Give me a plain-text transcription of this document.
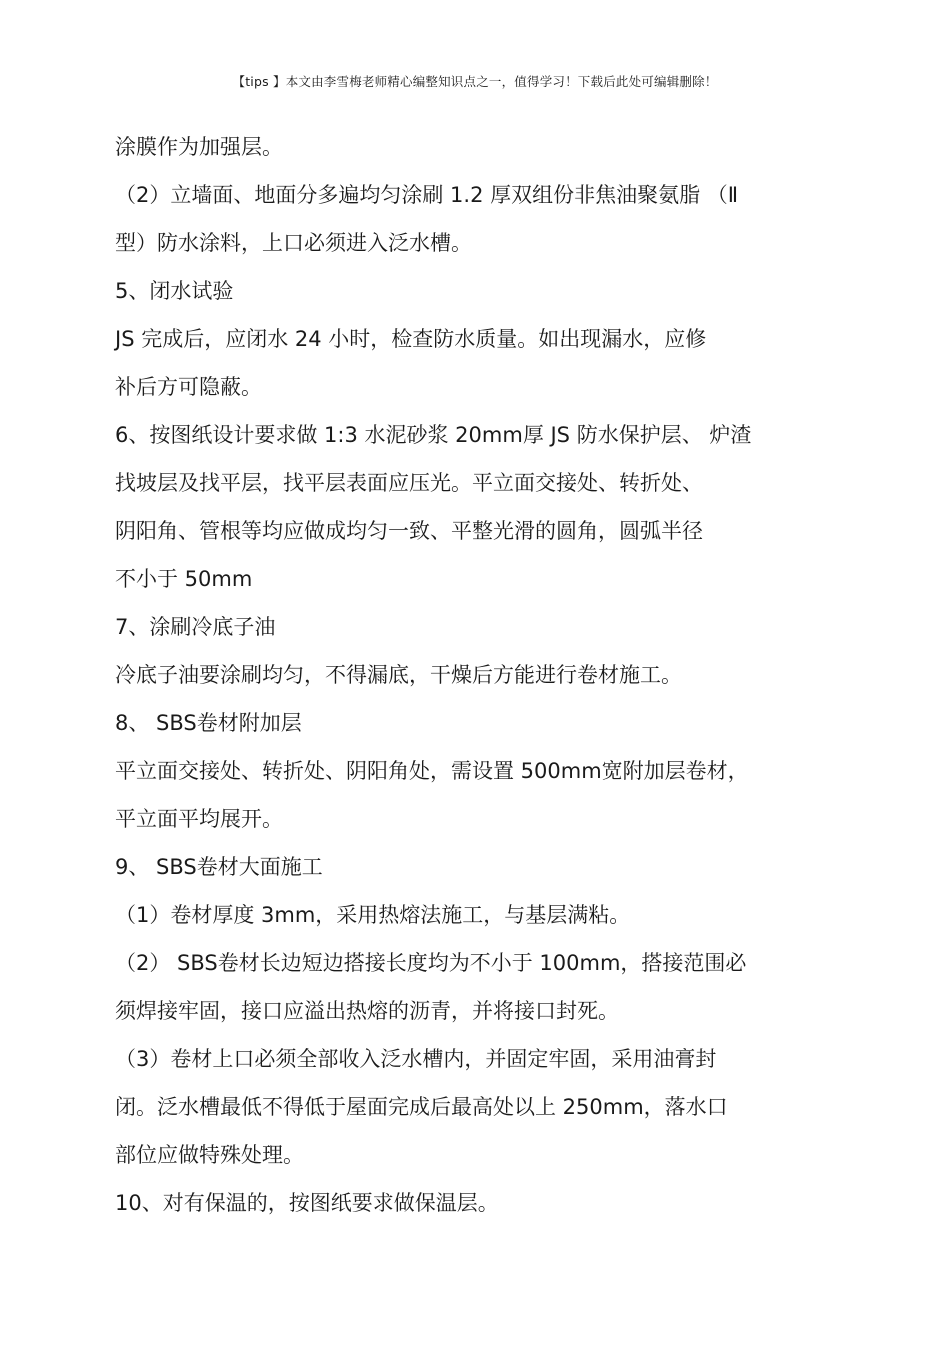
【tips 】本文由李雪梅老师精心编整知识点之一，值得学习！下载后此处可编辑删除！
涂膜作为加强层。
（2）立墙面、地面分多遍均匀涂刷 1.2 厚双组份非焦油聚氨脂 （Ⅱ
型）防水涂料，上口必须进入泛水槽。
5、闭水试验
JS 完成后，应闭水 24 小时，检查防水质量。如出现漏水，应修
补后方可隐蔽。
6、按图纸设计要求做 1:3 水泥砂浆 20mm厚 JS 防水保护层、 炉渣
找坡层及找平层，找平层表面应压光。平立面交接处、转折处、
阴阳角、管根等均应做成均匀一致、平整光滑的圆角，圆弧半径
不小于 50mm
7、涂刷冷底子油
冷底子油要涂刷均匀，不得漏底，干燥后方能进行卷材施工。
8、 SBS卷材附加层
平立面交接处、转折处、阴阳角处，需设置 500mm宽附加层卷材，
平立面平均展开。
9、 SBS卷材大面施工
（1）卷材厚度 3mm，采用热熔法施工，与基层满粘。
（2） SBS卷材长边短边搭接长度均为不小于 100mm，搭接范围必
须焊接牢固，接口应溢出热熔的沥青，并将接口封死。
（3）卷材上口必须全部收入泛水槽内，并固定牢固，采用油膏封
闭。泛水槽最低不得低于屋面完成后最高处以上 250mm，落水口
部位应做特殊处理。
10、对有保温的，按图纸要求做保温层。
